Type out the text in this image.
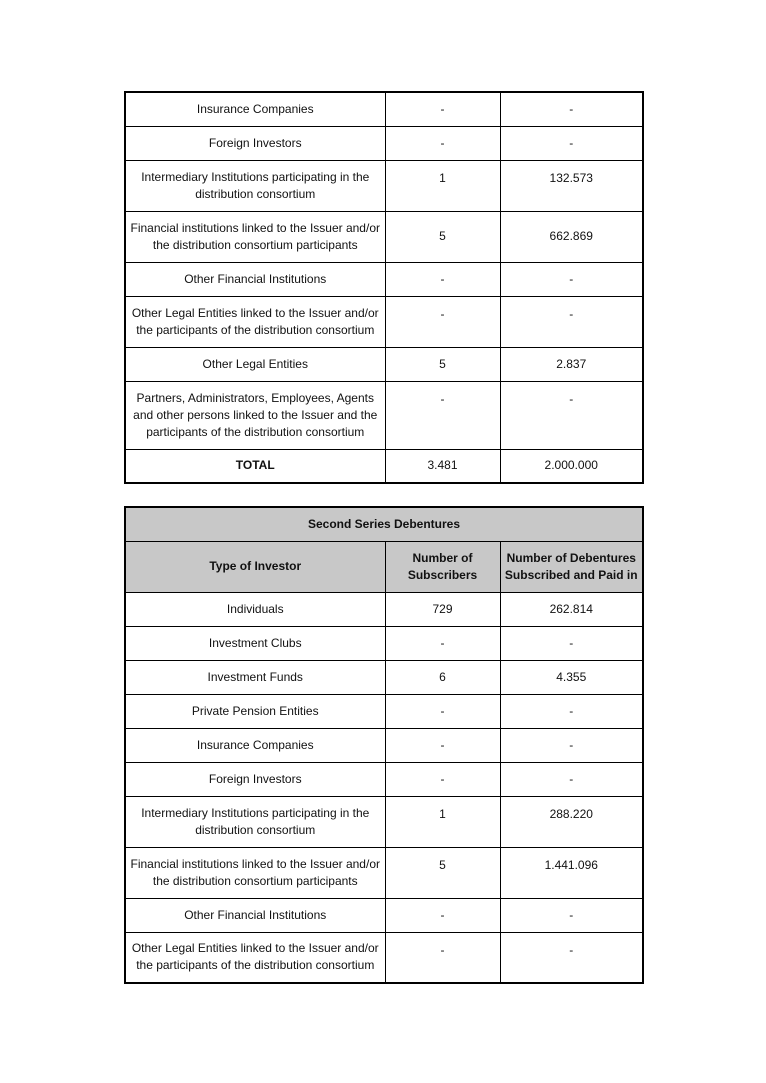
Insurance Companies	-	-
Foreign Investors	-	-
Intermediary Institutions participating in the distribution consortium	1	132.573
Financial institutions linked to the Issuer and/or the distribution consortium participants	5	662.869
Other Financial Institutions	-	-
Other Legal Entities linked to the Issuer and/or the participants of the distribution consortium	-	-
Other Legal Entities	5	2.837
Partners, Administrators, Employees, Agents and other persons linked to the Issuer and the participants of the distribution consortium	-	-
TOTAL	3.481	2.000.000
Second Series Debentures		
Type of Investor	Number of Subscribers	Number of Debentures Subscribed and Paid in
Individuals	729	262.814
Investment Clubs	-	-
Investment Funds	6	4.355
Private Pension Entities	-	-
Insurance Companies	-	-
Foreign Investors	-	-
Intermediary Institutions participating in the distribution consortium	1	288.220
Financial institutions linked to the Issuer and/or the distribution consortium participants	5	1.441.096
Other Financial Institutions	-	-
Other Legal Entities linked to the Issuer and/or the participants of the distribution consortium	-	-
